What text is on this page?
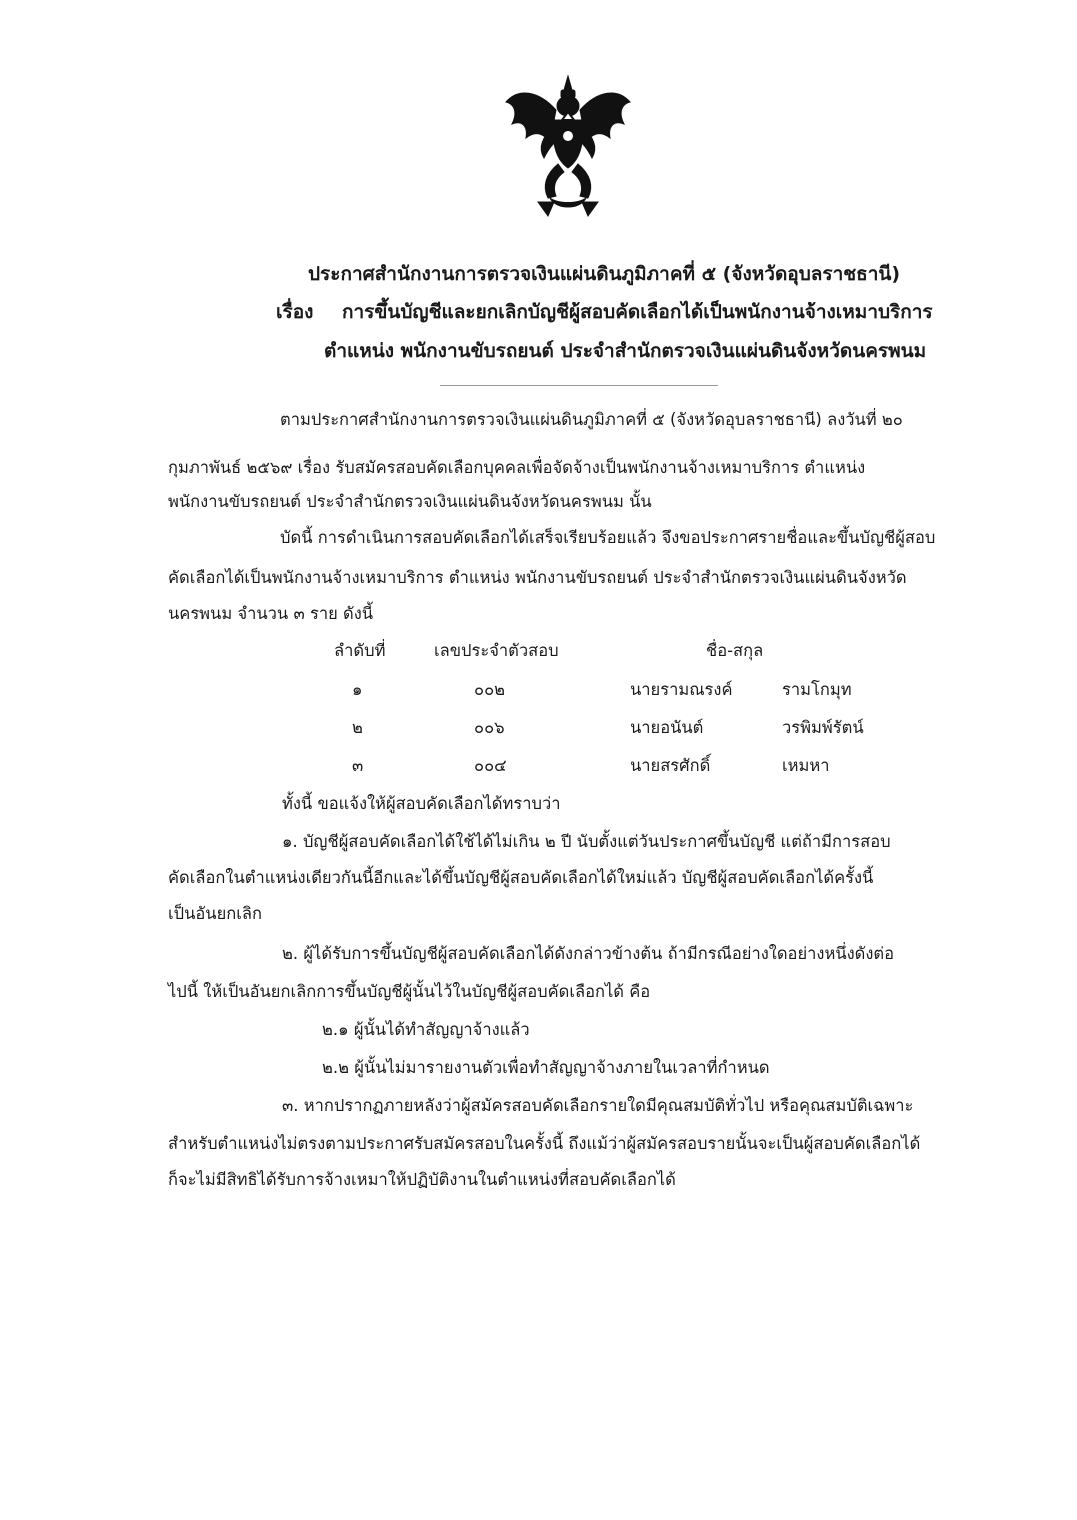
ประกาศสำนักงานการตรวจเงินแผ่นดินภูมิภาคที่ ๕ (จังหวัดอุบลราชธานี)
เรื่อง การขึ้นบัญชีและยกเลิกบัญชีผู้สอบคัดเลือกได้เป็นพนักงานจ้างเหมาบริการ
ตำแหน่ง พนักงานขับรถยนต์ ประจำสำนักตรวจเงินแผ่นดินจังหวัดนครพนม
ตามประกาศสำนักงานการตรวจเงินแผ่นดินภูมิภาคที่ ๕ (จังหวัดอุบลราชธานี) ลงวันที่ ๒๐
กุมภาพันธ์ ๒๕๖๙ เรื่อง รับสมัครสอบคัดเลือกบุคคลเพื่อจัดจ้างเป็นพนักงานจ้างเหมาบริการ ตำแหน่ง
พนักงานขับรถยนต์ ประจำสำนักตรวจเงินแผ่นดินจังหวัดนครพนม นั้น
บัดนี้ การดำเนินการสอบคัดเลือกได้เสร็จเรียบร้อยแล้ว จึงขอประกาศรายชื่อและขึ้นบัญชีผู้สอบ
คัดเลือกได้เป็นพนักงานจ้างเหมาบริการ ตำแหน่ง พนักงานขับรถยนต์ ประจำสำนักตรวจเงินแผ่นดินจังหวัด
นครพนม จำนวน ๓ ราย ดังนี้
ลำดับที่	เลขประจำตัวสอบ	ชื่อ-สกุล
๑	๐๐๒	นายรามณรงค์	รามโกมุท
๒	๐๐๖	นายอนันต์	วรพิมพ์รัตน์
๓	๐๐๔	นายสรศักดิ์	เหมหา
ทั้งนี้ ขอแจ้งให้ผู้สอบคัดเลือกได้ทราบว่า
๑. บัญชีผู้สอบคัดเลือกได้ใช้ได้ไม่เกิน ๒ ปี นับตั้งแต่วันประกาศขึ้นบัญชี แต่ถ้ามีการสอบ
คัดเลือกในตำแหน่งเดียวกันนี้อีกและได้ขึ้นบัญชีผู้สอบคัดเลือกได้ใหม่แล้ว บัญชีผู้สอบคัดเลือกได้ครั้งนี้
เป็นอันยกเลิก
๒. ผู้ได้รับการขึ้นบัญชีผู้สอบคัดเลือกได้ดังกล่าวข้างต้น ถ้ามีกรณีอย่างใดอย่างหนึ่งดังต่อ
ไปนี้ ให้เป็นอันยกเลิกการขึ้นบัญชีผู้นั้นไว้ในบัญชีผู้สอบคัดเลือกได้ คือ
๒.๑ ผู้นั้นได้ทำสัญญาจ้างแล้ว
๒.๒ ผู้นั้นไม่มารายงานตัวเพื่อทำสัญญาจ้างภายในเวลาที่กำหนด
๓. หากปรากฏภายหลังว่าผู้สมัครสอบคัดเลือกรายใดมีคุณสมบัติทั่วไป หรือคุณสมบัติเฉพาะ
สำหรับตำแหน่งไม่ตรงตามประกาศรับสมัครสอบในครั้งนี้ ถึงแม้ว่าผู้สมัครสอบรายนั้นจะเป็นผู้สอบคัดเลือกได้
ก็จะไม่มีสิทธิได้รับการจ้างเหมาให้ปฏิบัติงานในตำแหน่งที่สอบคัดเลือกได้
